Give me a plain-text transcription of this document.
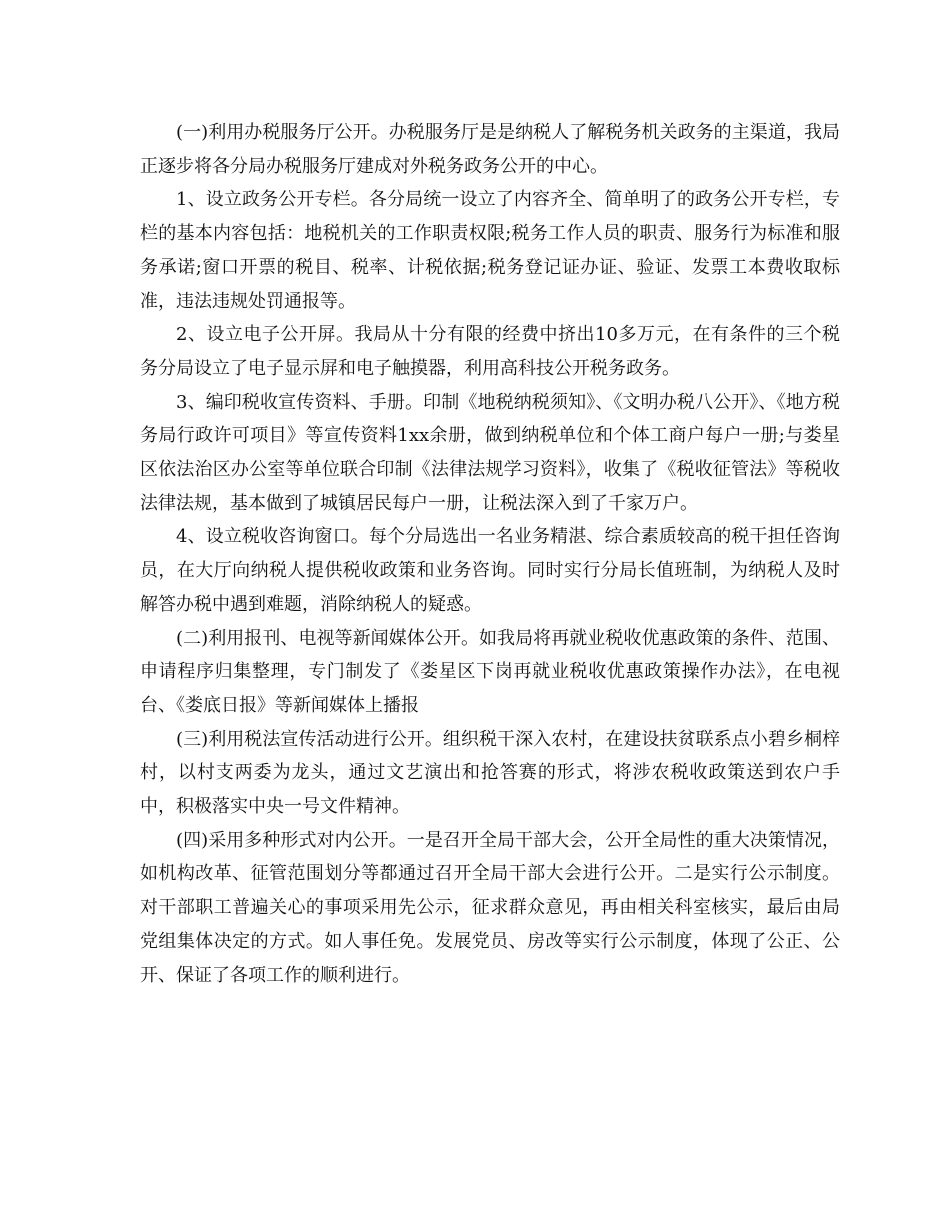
(一)利用办税服务厅公开。办税服务厅是是纳税人了解税务机关政务的主渠道，我局正逐步将各分局办税服务厅建成对外税务政务公开的中心。

1、设立政务公开专栏。各分局统一设立了内容齐全、简单明了的政务公开专栏，专栏的基本内容包括：地税机关的工作职责权限;税务工作人员的职责、服务行为标准和服务承诺;窗口开票的税目、税率、计税依据;税务登记证办证、验证、发票工本费收取标准，违法违规处罚通报等。

2、设立电子公开屏。我局从十分有限的经费中挤出10多万元，在有条件的三个税务分局设立了电子显示屏和电子触摸器，利用高科技公开税务政务。

3、编印税收宣传资料、手册。印制《地税纳税须知》、《文明办税八公开》、《地方税务局行政许可项目》等宣传资料1xx余册，做到纳税单位和个体工商户每户一册;与娄星区依法治区办公室等单位联合印制《法律法规学习资料》，收集了《税收征管法》等税收法律法规，基本做到了城镇居民每户一册，让税法深入到了千家万户。

4、设立税收咨询窗口。每个分局选出一名业务精湛、综合素质较高的税干担任咨询员，在大厅向纳税人提供税收政策和业务咨询。同时实行分局长值班制，为纳税人及时解答办税中遇到难题，消除纳税人的疑惑。

(二)利用报刊、电视等新闻媒体公开。如我局将再就业税收优惠政策的条件、范围、申请程序归集整理，专门制发了《娄星区下岗再就业税收优惠政策操作办法》，在电视台、《娄底日报》等新闻媒体上播报

(三)利用税法宣传活动进行公开。组织税干深入农村，在建设扶贫联系点小碧乡桐梓村，以村支两委为龙头，通过文艺演出和抢答赛的形式，将涉农税收政策送到农户手中，积极落实中央一号文件精神。

(四)采用多种形式对内公开。一是召开全局干部大会，公开全局性的重大决策情况，如机构改革、征管范围划分等都通过召开全局干部大会进行公开。二是实行公示制度。对干部职工普遍关心的事项采用先公示，征求群众意见，再由相关科室核实，最后由局党组集体决定的方式。如人事任免。发展党员、房改等实行公示制度，体现了公正、公开、保证了各项工作的顺利进行。
